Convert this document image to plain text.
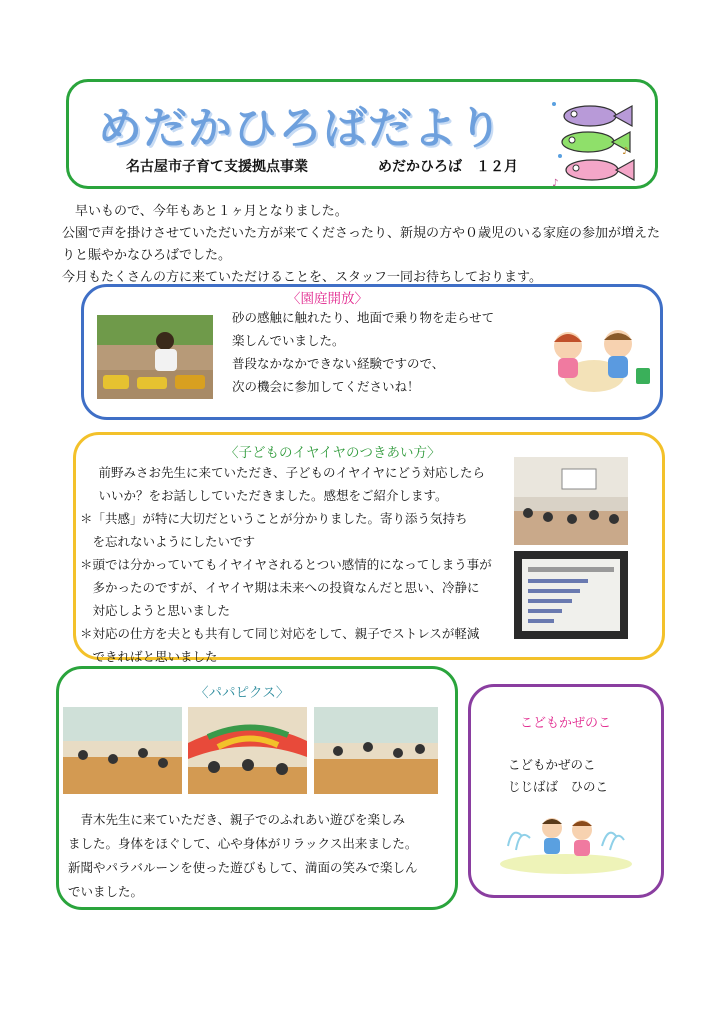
めだかひろばだより
名古屋市子育て支援拠点事業	めだかひろば　１２月
♪
♪
　早いもので、今年もあと１ヶ月となりました。
公園で声を掛けさせていただいた方が来てくださったり、新規の方や０歳児のいる家庭の参加が増えた
りと賑やかなひろばでした。
今月もたくさんの方に来ていただけることを、スタッフ一同お待ちしております。
〈園庭開放〉
砂の感触に触れたり、地面で乗り物を走らせて
楽しんでいました。
普段なかなかできない経験ですので、
次の機会に参加してくださいね！
〈子どものイヤイヤのつきあい方〉
　前野みさお先生に来ていただき、子どものイヤイヤにどう対応したら
　いいか？をお話ししていただきました。感想をご紹介します。
＊「共感」が特に大切だということが分かりました。寄り添う気持ち
　を忘れないようにしたいです
＊頭では分かっていてもイヤイヤされるとつい感情的になってしまう事が
　多かったのですが、イヤイヤ期は未来への投資なんだと思い、冷静に
　対応しようと思いました
＊対応の仕方を夫とも共有して同じ対応をして、親子でストレスが軽減
　できればと思いました
〈パパピクス〉
　青木先生に来ていただき、親子でのふれあい遊びを楽しみ
ました。身体をほぐして、心や身体がリラックス出来ました。
新聞やパラバルーンを使った遊びもして、満面の笑みで楽しん
でいました。
こどもかぜのこ
こどもかぜのこ
じじばば　ひのこ
